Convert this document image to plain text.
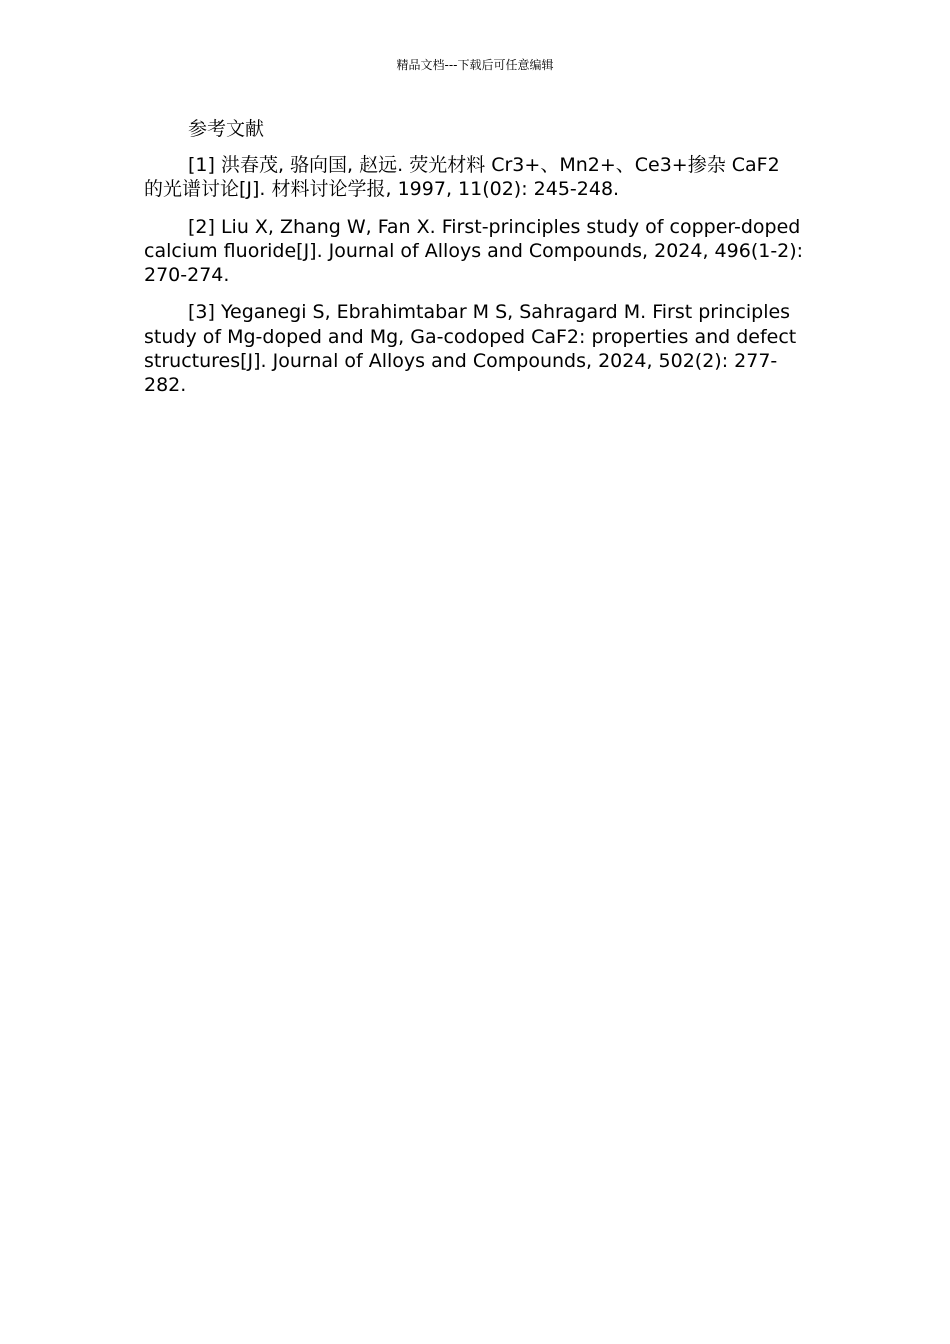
精品文档---下载后可任意编辑

参考文献

[1] 洪春茂, 骆向国, 赵远. 荧光材料 Cr3+、Mn2+、Ce3+掺杂 CaF2 的光谱讨论[J]. 材料讨论学报, 1997, 11(02): 245-248.

[2] Liu X, Zhang W, Fan X. First-principles study of copper-doped calcium fluoride[J]. Journal of Alloys and Compounds, 2024, 496(1-2): 270-274.

[3] Yeganegi S, Ebrahimtabar M S, Sahragard M. First principles study of Mg-doped and Mg, Ga-codoped CaF2: properties and defect structures[J]. Journal of Alloys and Compounds, 2024, 502(2): 277-282.
